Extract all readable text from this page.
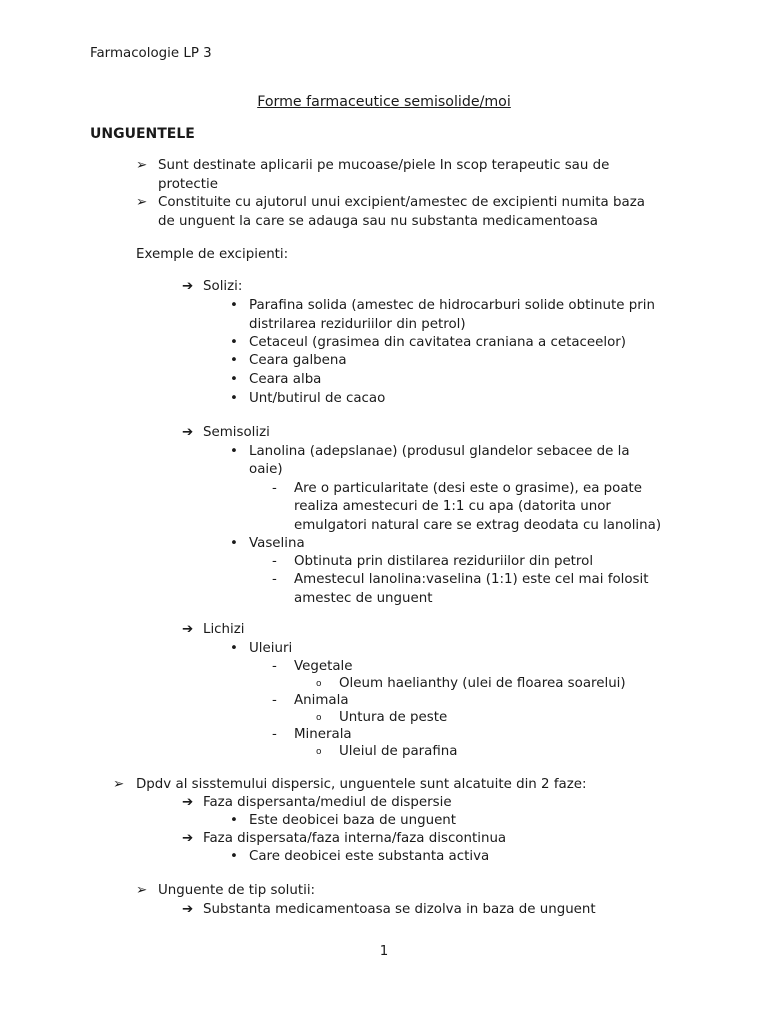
Farmacologie LP 3
Forme farmaceutice semisolide/moi
UNGUENTELE
➢ Sunt destinate aplicarii pe mucoase/piele In scop terapeutic sau de
protectie
➢ Constituite cu ajutorul unui excipient/amestec de excipienti numita baza
de unguent la care se adauga sau nu substanta medicamentoasa
Exemple de excipienti:
➔ Solizi:
• Parafina solida (amestec de hidrocarburi solide obtinute prin
distrilarea reziduriilor din petrol)
• Cetaceul (grasimea din cavitatea craniana a cetaceelor)
• Ceara galbena
• Ceara alba
• Unt/butirul de cacao
➔ Semisolizi
• Lanolina (adepslanae) (produsul glandelor sebacee de la
oaie)
- Are o particularitate (desi este o grasime), ea poate
realiza amestecuri de 1:1 cu apa (datorita unor
emulgatori natural care se extrag deodata cu lanolina)
• Vaselina
- Obtinuta prin distilarea reziduriilor din petrol
- Amestecul lanolina:vaselina (1:1) este cel mai folosit
amestec de unguent
➔ Lichizi
• Uleiuri
- Vegetale
o Oleum haelianthy (ulei de floarea soarelui)
- Animala
o Untura de peste
- Minerala
o Uleiul de parafina
➢ Dpdv al sisstemului dispersic, unguentele sunt alcatuite din 2 faze:
➔ Faza dispersanta/mediul de dispersie
• Este deobicei baza de unguent
➔ Faza dispersata/faza interna/faza discontinua
• Care deobicei este substanta activa
➢ Unguente de tip solutii:
➔ Substanta medicamentoasa se dizolva in baza de unguent
1
